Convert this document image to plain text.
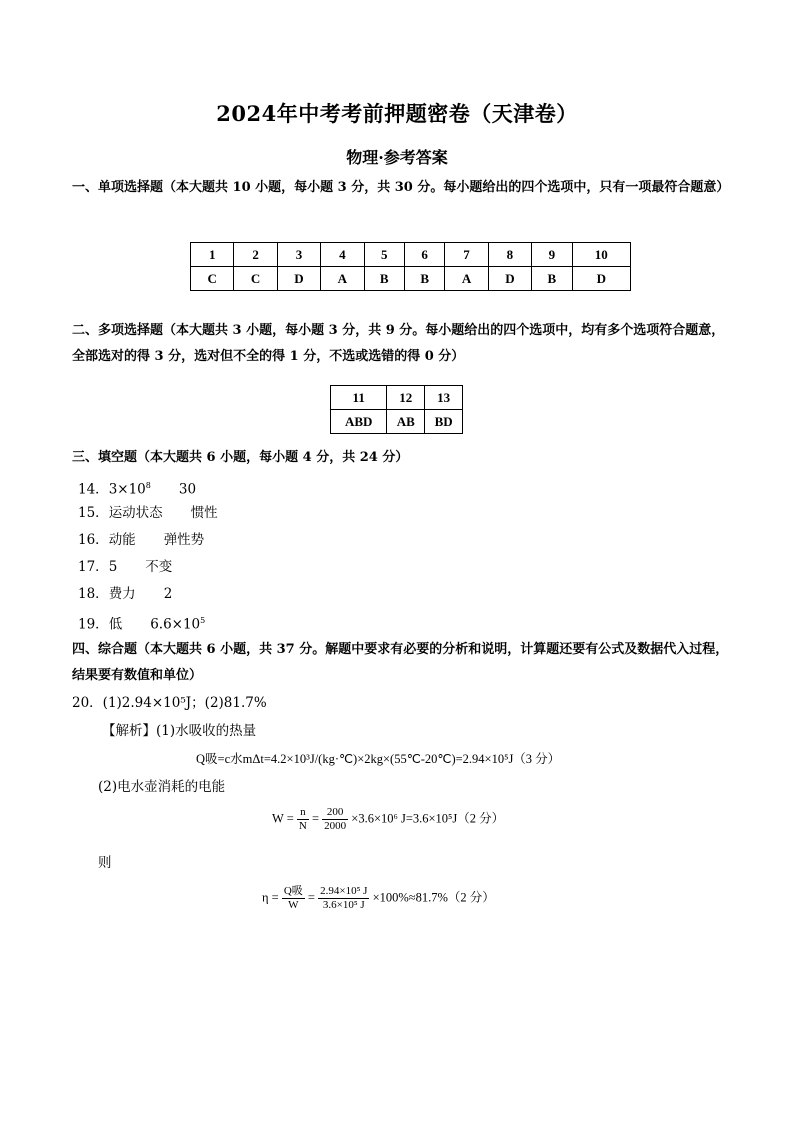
2024年中考考前押题密卷（天津卷）
物理·参考答案
一、单项选择题（本大题共 10 小题，每小题 3 分，共 30 分。每小题给出的四个选项中，只有一项最符合题意）
1	2	3	4	5	6	7	8	9	10
C	C	D	A	B	B	A	D	B	D
二、多项选择题（本大题共 3 小题，每小题 3 分，共 9 分。每小题给出的四个选项中，均有多个选项符合题意，全部选对的得 3 分，选对但不全的得 1 分，不选或选错的得 0 分）
11	12	13
ABD	AB	BD
三、填空题（本大题共 6 小题，每小题 4 分，共 24 分）
14．$3\times 10^8$ 30
15．运动状态 惯性
16．动能 弹性势
17．5 不变
18．费力 2
19．低 $6.6\times 10^5$
四、综合题（本大题共 6 小题，共 37 分。解题中要求有必要的分析和说明，计算题还要有公式及数据代入过程，结果要有数值和单位）
20．(1)2.94×10⁵J；(2)81.7%
【解析】(1)水吸收的热量
Q吸=c水mΔt=4.2×10³J/(kg·℃)×2kg×(55℃-20℃)=2.94×10⁵J（3 分）
(2)电水壶消耗的电能
$W = \frac{n}{N} = \frac{200}{2000} \times 3.6\times 10^6$ J=3.6×10⁵J（2 分）
则
$\eta = \frac{\text{Q吸}}{W} = \frac{\text{2.94×10⁵ J}}{\text{3.6×10⁵ J}} \times 100\%\approx 81.7\%(2$ 分）
